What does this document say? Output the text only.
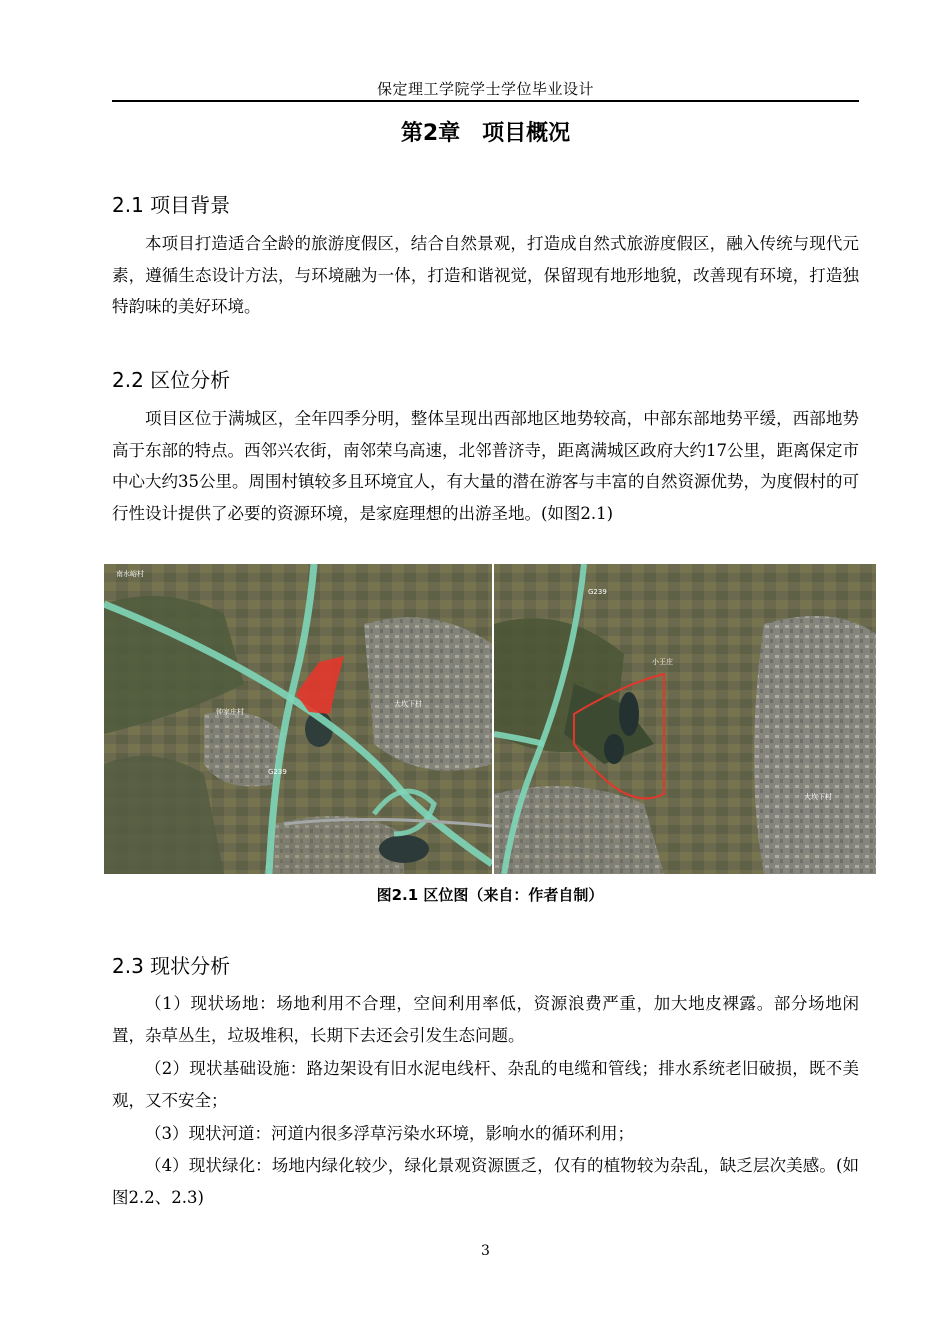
保定理工学院学士学位毕业设计
第2章　项目概况
2.1 项目背景

本项目打造适合全龄的旅游度假区，结合自然景观，打造成自然式旅游度假区，融入传统与现代元素，遵循生态设计方法，与环境融为一体，打造和谐视觉，保留现有地形地貌，改善现有环境，打造独特韵味的美好环境。

2.2 区位分析

项目区位于满城区，全年四季分明，整体呈现出西部地区地势较高，中部东部地势平缓，西部地势高于东部的特点。西邻兴农街，南邻荣乌高速，北邻普济寺，距离满城区政府大约17公里，距离保定市中心大约35公里。周围村镇较多且环境宜人，有大量的潜在游客与丰富的自然资源优势，为度假村的可行性设计提供了必要的资源环境，是家庭理想的出游圣地。(如图2.1)

南水峪村
钟家庄村
大坎下村
G239
小王庄
大坎下村
G239
图2.1 区位图（来自：作者自制）
2.3 现状分析

（1）现状场地：场地利用不合理，空间利用率低，资源浪费严重，加大地皮裸露。部分场地闲置，杂草丛生，垃圾堆积，长期下去还会引发生态问题。

（2）现状基础设施：路边架设有旧水泥电线杆、杂乱的电缆和管线；排水系统老旧破损，既不美观，又不安全；

（3）现状河道：河道内很多浮草污染水环境，影响水的循环利用；

（4）现状绿化：场地内绿化较少，绿化景观资源匮乏，仅有的植物较为杂乱，缺乏层次美感。(如图2.2、2.3)

3
